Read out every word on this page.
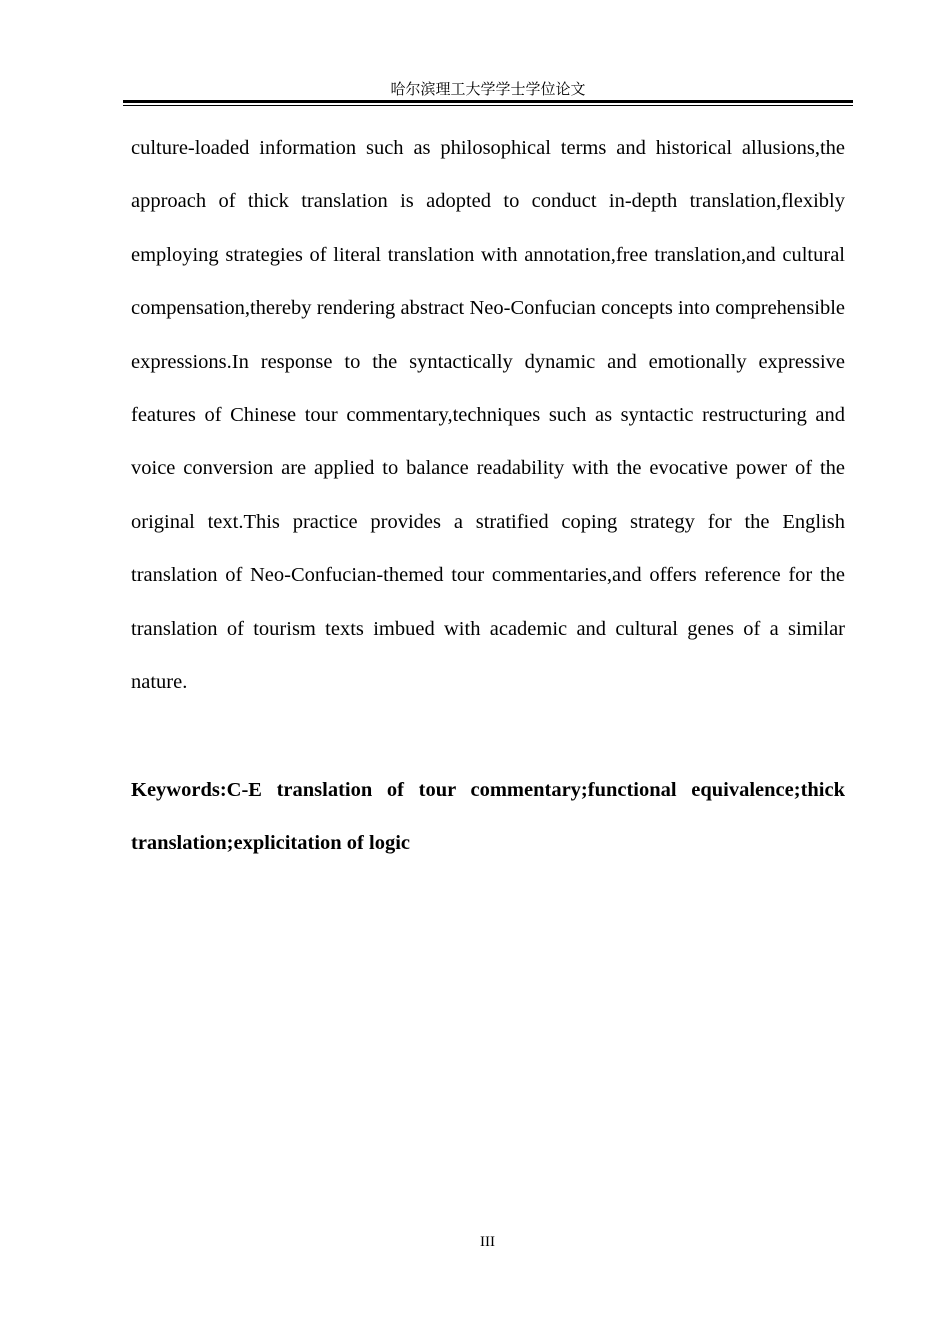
哈尔滨理工大学学士学位论文

culture-loaded information such as philosophical terms and historical allusions,the approach of thick translation is adopted to conduct in-depth translation,flexibly employing strategies of literal translation with annotation,free translation,and cultural compensation,thereby rendering abstract Neo-Confucian concepts into comprehensible expressions.In response to the syntactically dynamic and emotionally expressive features of Chinese tour commentary,techniques such as syntactic restructuring and voice conversion are applied to balance readability with the evocative power of the original text.This practice provides a stratified coping strategy for the English translation of Neo-Confucian-themed tour commentaries,and offers reference for the translation of tourism texts imbued with academic and cultural genes of a similar nature.

Keywords:C-E translation of tour commentary;functional equivalence;thick translation;explicitation of logic

III
